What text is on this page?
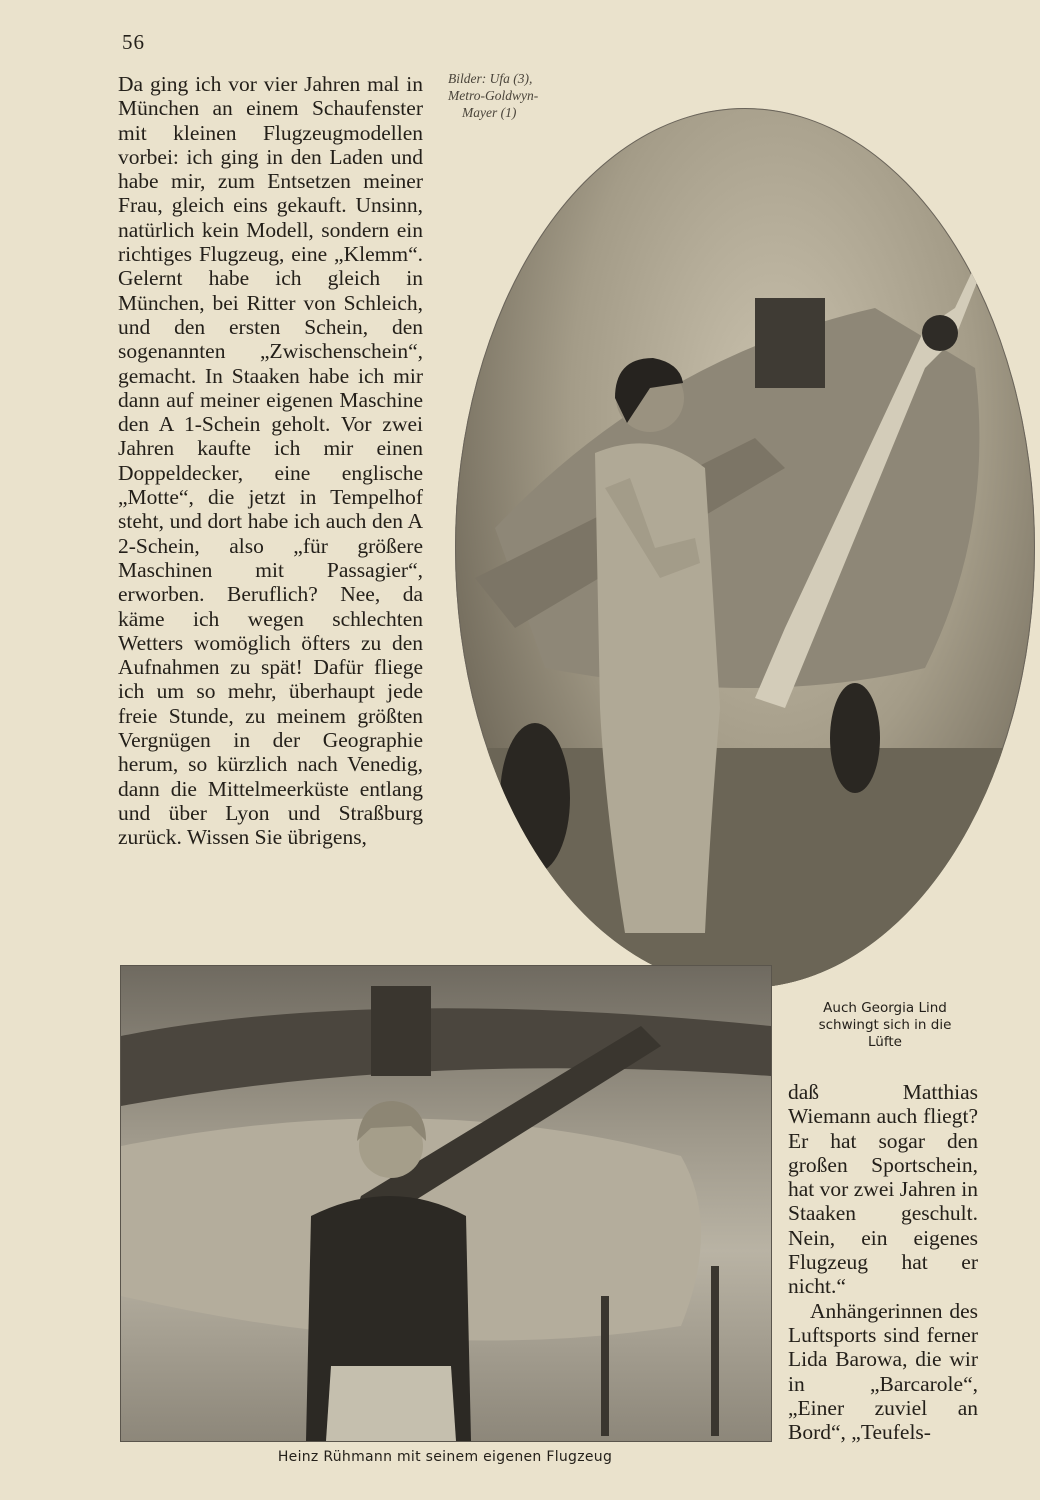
56

Da ging ich vor vier Jahren mal in München an einem Schaufenster mit kleinen Flugzeugmodellen vorbei: ich ging in den Laden und habe mir, zum Entsetzen meiner Frau, gleich eins gekauft. Unsinn, natürlich kein Modell, sondern ein richtiges Flugzeug, eine „Klemm“. Gelernt habe ich gleich in München, bei Ritter von Schleich, und den ersten Schein, den sogenannten „Zwischenschein“, gemacht. In Staaken habe ich mir dann auf meiner eigenen Maschine den A 1-Schein geholt. Vor zwei Jahren kaufte ich mir einen Doppeldecker, eine englische „Motte“, die jetzt in Tempelhof steht, und dort habe ich auch den A 2-Schein, also „für größere Maschinen mit Passagier“, erworben. Beruflich? Nee, da käme ich wegen schlechten Wetters womöglich öfters zu den Aufnahmen zu spät! Dafür fliege ich um so mehr, überhaupt jede freie Stunde, zu meinem größten Vergnügen in der Geographie herum, so kürzlich nach Venedig, dann die Mittelmeerküste entlang und über Lyon und Straßburg zurück. Wissen Sie übrigens,

Bilder: Ufa (3),
Metro-Goldwyn-
Mayer (1)
Auch Georgia Lind
schwingt sich in die
Lüfte
Heinz Rühmann mit seinem eigenen Flugzeug

daß Matthias Wiemann auch fliegt? Er hat sogar den großen Sportschein, hat vor zwei Jahren in Staaken geschult. Nein, ein eigenes Flugzeug hat er nicht.“

Anhängerinnen des Luftsports sind ferner Lida Barowa, die wir in „Barcarole“, „Einer zuviel an Bord“, „Teufels-
